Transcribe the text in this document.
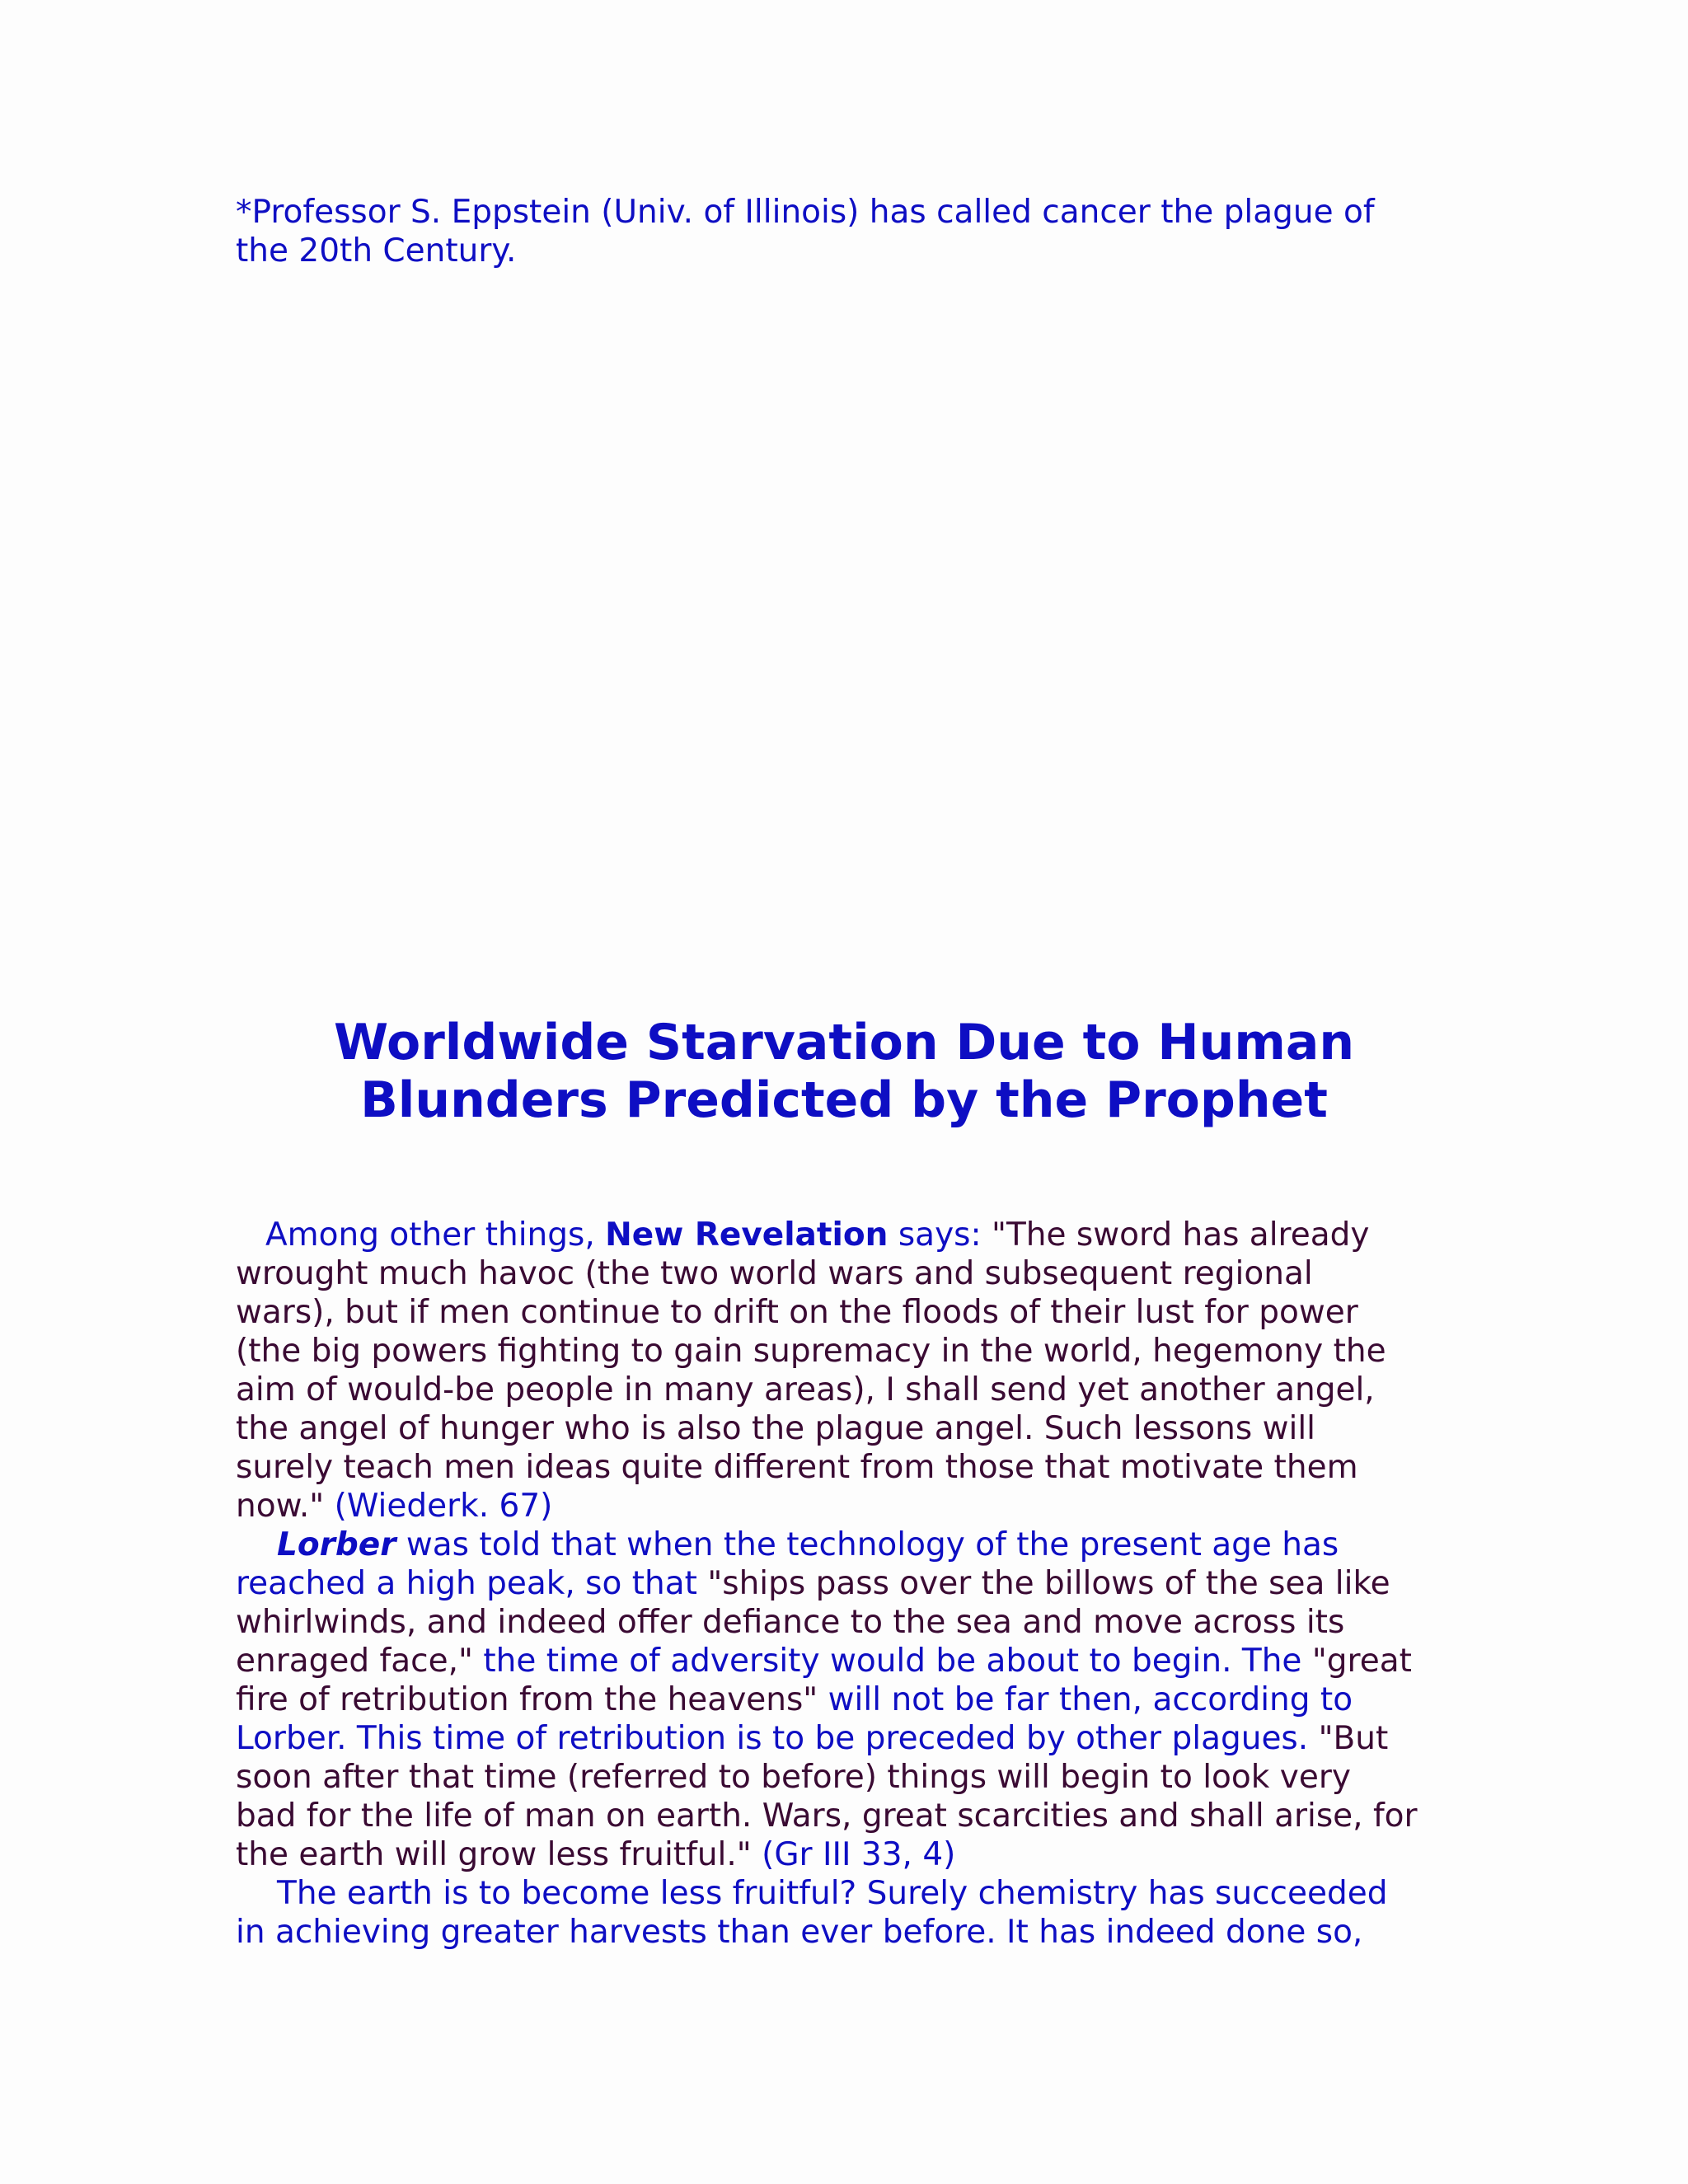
*Professor S. Eppstein (Univ. of Illinois) has called cancer the plague of
the 20th Century.

Worldwide Starvation Due to Human
Blunders Predicted by the Prophet
Among other things, New Revelation says: "The sword has already
wrought much havoc (the two world wars and subsequent regional
wars), but if men continue to drift on the floods of their lust for power
(the big powers fighting to gain supremacy in the world, hegemony the
aim of would-be people in many areas), I shall send yet another angel,
the angel of hunger who is also the plague angel. Such lessons will
surely teach men ideas quite different from those that motivate them
now." (Wiederk. 67)
Lorber was told that when the technology of the present age has
reached a high peak, so that "ships pass over the billows of the sea like
whirlwinds, and indeed offer defiance to the sea and move across its
enraged face," the time of adversity would be about to begin. The "great
fire of retribution from the heavens" will not be far then, according to
Lorber. This time of retribution is to be preceded by other plagues. "But
soon after that time (referred to before) things will begin to look very
bad for the life of man on earth. Wars, great scarcities and shall arise, for
the earth will grow less fruitful." (Gr III 33, 4)
The earth is to become less fruitful? Surely chemistry has succeeded
in achieving greater harvests than ever before. It has indeed done so,
